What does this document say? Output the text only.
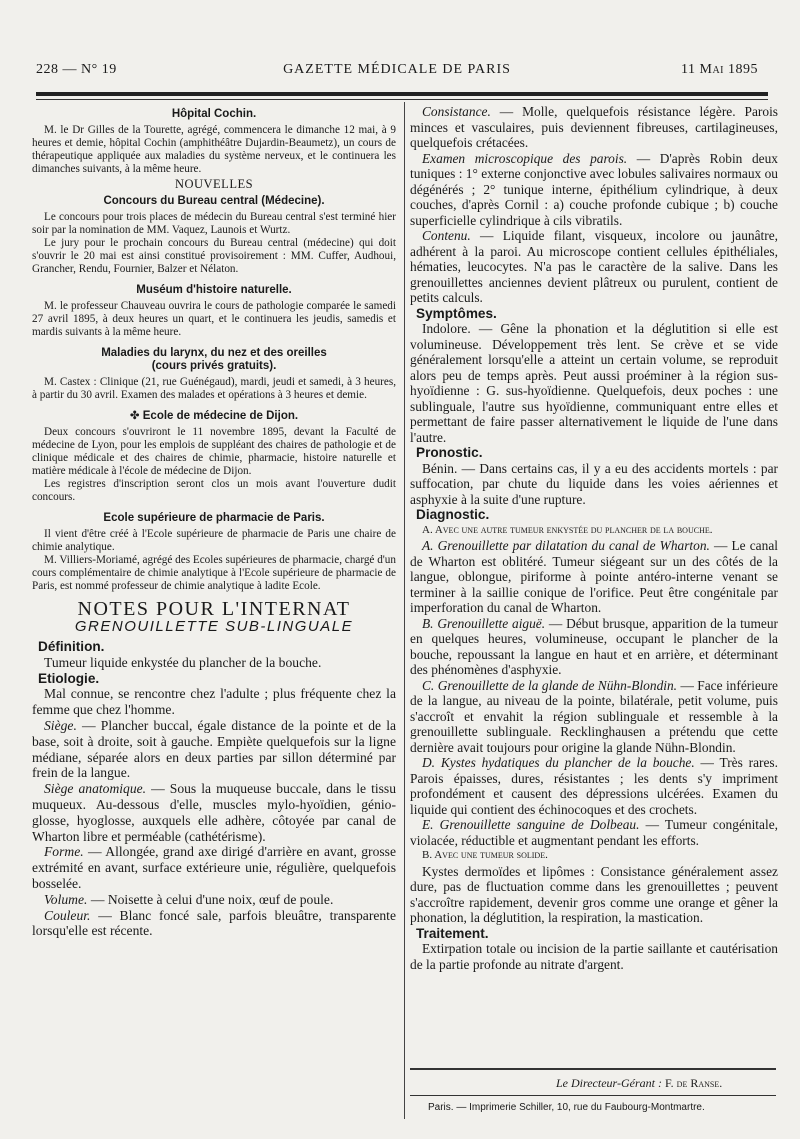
228 — N° 19	GAZETTE MÉDICALE DE PARIS	11 Mai 1895
Hôpital Cochin.

M. le Dr Gilles de la Tourette, agrégé, commencera le dimanche 12 mai, à 9 heures et demie, hôpital Cochin (amphithéâtre Dujardin-Beaumetz), un cours de thérapeutique appliquée aux maladies du système nerveux, et le continuera les dimanches suivants, à la même heure.

NOUVELLES
Concours du Bureau central (Médecine).

Le concours pour trois places de médecin du Bureau central s'est terminé hier soir par la nomination de MM. Vaquez, Launois et Wurtz.

Le jury pour le prochain concours du Bureau central (médecine) qui doit s'ouvrir le 20 mai est ainsi constitué provisoirement : MM. Cuffer, Audhoui, Grancher, Rendu, Fournier, Balzer et Nélaton.

Muséum d'histoire naturelle.

M. le professeur Chauveau ouvrira le cours de pathologie comparée le samedi 27 avril 1895, à deux heures un quart, et le continuera les jeudis, samedis et mardis suivants à la même heure.

Maladies du larynx, du nez et des oreilles
(cours privés gratuits).

M. Castex : Clinique (21, rue Guénégaud), mardi, jeudi et samedi, à 3 heures, à partir du 30 avril. Examen des malades et opérations à 3 heures et demie.

✤ Ecole de médecine de Dijon.

Deux concours s'ouvriront le 11 novembre 1895, devant la Faculté de médecine de Lyon, pour les emplois de suppléant des chaires de pathologie et de clinique médicale et des chaires de chimie, pharmacie, histoire naturelle et matière médicale à l'école de médecine de Dijon.

Les registres d'inscription seront clos un mois avant l'ouverture dudit concours.

Ecole supérieure de pharmacie de Paris.

Il vient d'être créé à l'Ecole supérieure de pharmacie de Paris une chaire de chimie analytique.

M. Villiers-Moriamé, agrégé des Ecoles supérieures de pharmacie, chargé d'un cours complémentaire de chimie analytique à l'Ecole supérieure de pharmacie de Paris, est nommé professeur de chimie analytique à ladite Ecole.

NOTES POUR L'INTERNAT
GRENOUILLETTE SUB-LINGUALE
Définition.

Tumeur liquide enkystée du plancher de la bouche.

Etiologie.

Mal connue, se rencontre chez l'adulte ; plus fréquente chez la femme que chez l'homme.

Siège. — Plancher buccal, égale distance de la pointe et de la base, soit à droite, soit à gauche. Empiète quelquefois sur la ligne médiane, séparée alors en deux parties par sillon déterminé par frein de la langue.

Siège anatomique. — Sous la muqueuse buccale, dans le tissu muqueux. Au-dessous d'elle, muscles mylo-hyoïdien, génio-glosse, hyoglosse, auxquels elle adhère, côtoyée par canal de Wharton libre et perméable (cathétérisme).

Forme. — Allongée, grand axe dirigé d'arrière en avant, grosse extrémité en avant, surface extérieure unie, régulière, quelquefois bosselée.

Volume. — Noisette à celui d'une noix, œuf de poule.

Couleur. — Blanc foncé sale, parfois bleuâtre, transparente lorsqu'elle est récente.

Consistance. — Molle, quelquefois résistance légère. Parois minces et vasculaires, puis deviennent fibreuses, cartilagineuses, quelquefois crétacées.

Examen microscopique des parois. — D'après Robin deux tuniques : 1° externe conjonctive avec lobules salivaires normaux ou dégénérés ; 2° tunique interne, épithélium cylindrique, à deux couches, d'après Cornil : a) couche profonde cubique ; b) couche superficielle cylindrique à cils vibratils.

Contenu. — Liquide filant, visqueux, incolore ou jaunâtre, adhérent à la paroi. Au microscope contient cellules épithéliales, hématies, leucocytes. N'a pas le caractère de la salive. Dans les grenouillettes anciennes devient plâtreux ou purulent, contient de petits calculs.

Symptômes.

Indolore. — Gêne la phonation et la déglutition si elle est volumineuse. Développement très lent. Se crève et se vide généralement lorsqu'elle a atteint un certain volume, se reproduit alors peu de temps après. Peut aussi proéminer à la région sus-hyoïdienne : G. sus-hyoïdienne. Quelquefois, deux poches : une sublinguale, l'autre sus hyoïdienne, communiquant entre elles et permettant de faire passer alternativement le liquide de l'une dans l'autre.

Pronostic.

Bénin. — Dans certains cas, il y a eu des accidents mortels : par suffocation, par chute du liquide dans les voies aériennes et asphyxie à la suite d'une rupture.

Diagnostic.

A. Avec une autre tumeur enkystée du plancher de la bouche.

A. Grenouillette par dilatation du canal de Wharton. — Le canal de Wharton est oblitéré. Tumeur siégeant sur un des côtés de la langue, oblongue, piriforme à pointe antéro-interne venant se terminer à la saillie conique de l'orifice. Peut être congénitale par imperforation du canal de Wharton.

B. Grenouillette aiguë. — Début brusque, apparition de la tumeur en quelques heures, volumineuse, occupant le plancher de la bouche, repoussant la langue en haut et en arrière, et déterminant des phénomènes d'asphyxie.

C. Grenouillette de la glande de Nühn-Blondin. — Face inférieure de la langue, au niveau de la pointe, bilatérale, petit volume, puis s'accroît et envahit la région sublinguale et ressemble à la grenouillette sublinguale. Recklinghausen a prétendu que cette dernière avait toujours pour origine la glande Nühn-Blondin.

D. Kystes hydatiques du plancher de la bouche. — Très rares. Parois épaisses, dures, résistantes ; les dents s'y impriment profondément et causent des dépressions ulcérées. Examen du liquide qui contient des échinocoques et des crochets.

E. Grenouillette sanguine de Dolbeau. — Tumeur congénitale, violacée, réductible et augmentant pendant les efforts.

B. Avec une tumeur solide.

Kystes dermoïdes et lipômes : Consistance généralement assez dure, pas de fluctuation comme dans les grenouillettes ; peuvent s'accroître rapidement, devenir gros comme une orange et gêner la phonation, la déglutition, la respiration, la mastication.

Traitement.

Extirpation totale ou incision de la partie saillante et cautérisation de la partie profonde au nitrate d'argent.

Le Directeur-Gérant : F. de Ranse.
Paris. — Imprimerie Schiller, 10, rue du Faubourg-Montmartre.
